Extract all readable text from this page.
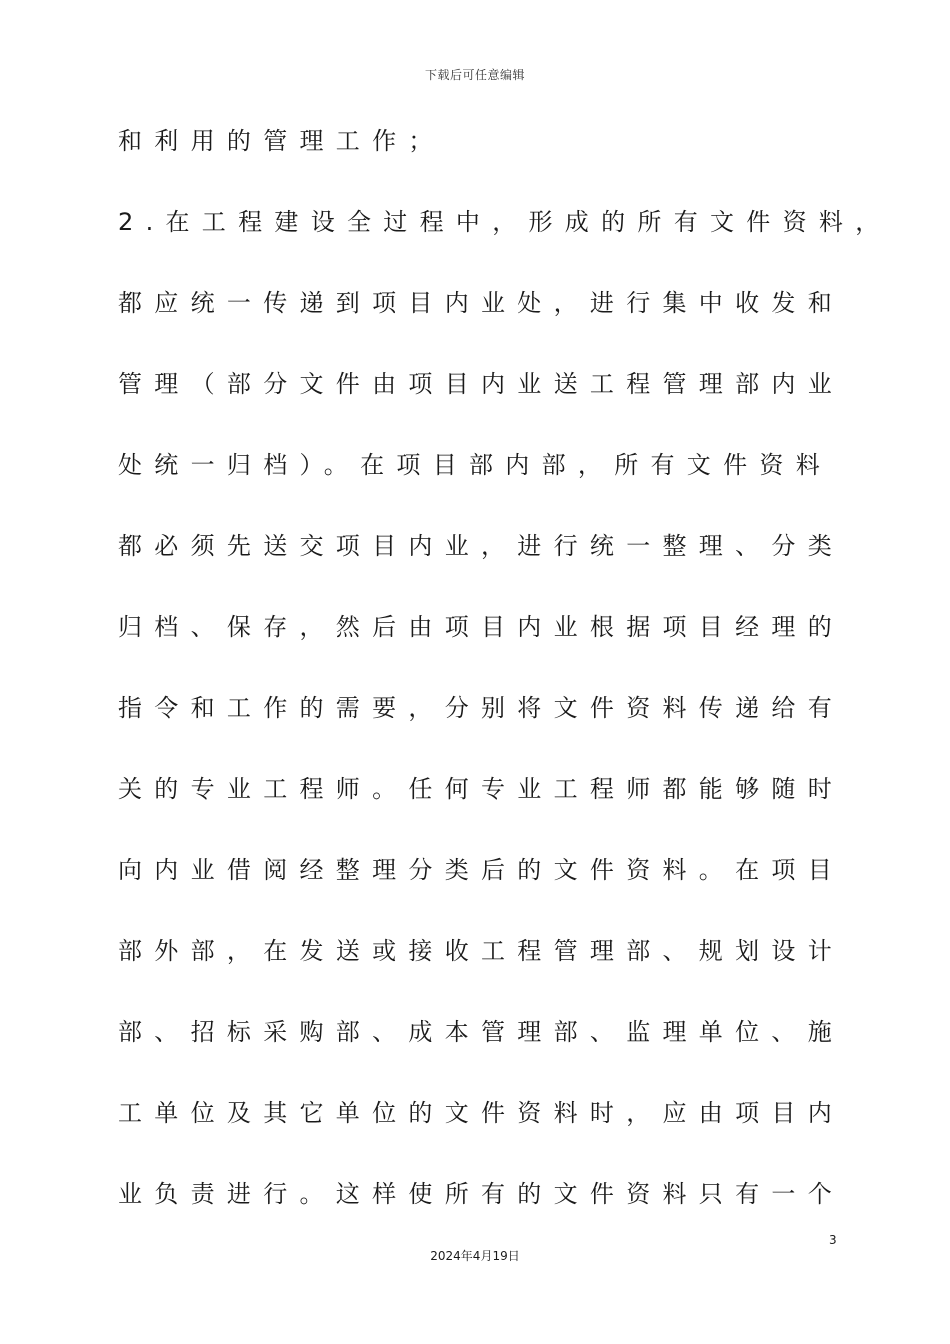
下载后可任意编辑
和利用的管理工作；
2.在工程建设全过程中，形成的所有文件资料，
都应统一传递到项目内业处，进行集中收发和
管理（部分文件由项目内业送工程管理部内业
处统一归档）。在项目部内部，所有文件资料
都必须先送交项目内业，进行统一整理、分类
归档、保存，然后由项目内业根据项目经理的
指令和工作的需要，分别将文件资料传递给有
关的专业工程师。任何专业工程师都能够随时
向内业借阅经整理分类后的文件资料。在项目
部外部，在发送或接收工程管理部、规划设计
部、招标采购部、成本管理部、监理单位、施
工单位及其它单位的文件资料时，应由项目内
业负责进行。这样使所有的文件资料只有一个
3
2024年4月19日
